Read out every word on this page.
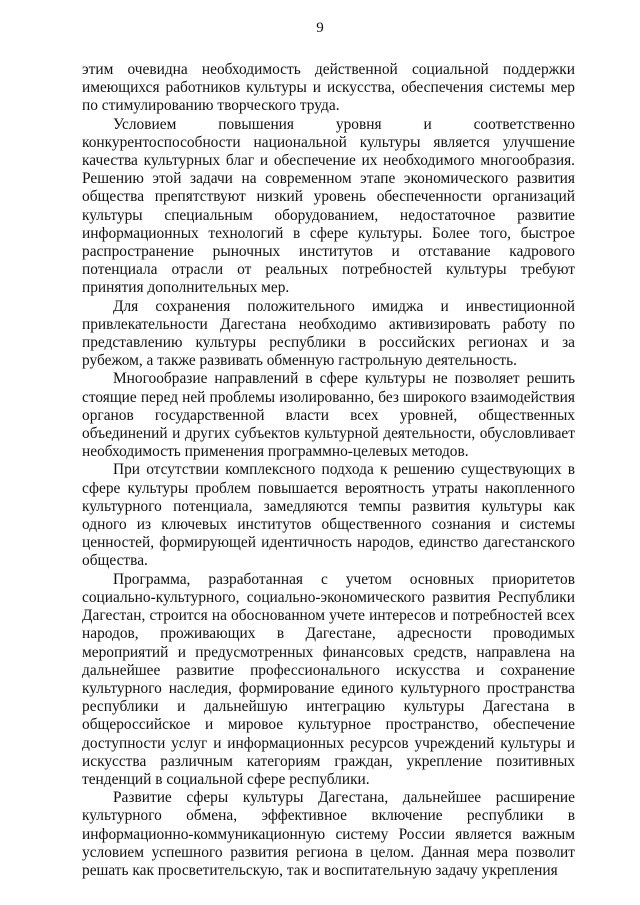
9

этим очевидна необходимость действенной социальной поддержки имеющихся работников культуры и искусства, обеспечения системы мер по стимулированию творческого труда.

Условием повышения уровня и соответственно конкурентоспособности национальной культуры является улучшение качества культурных благ и обеспечение их необходимого многообразия. Решению этой задачи на современном этапе экономического развития общества препятствуют низкий уровень обеспеченности организаций культуры специальным оборудованием, недостаточное развитие информационных технологий в сфере культуры. Более того, быстрое распространение рыночных институтов и отставание кадрового потенциала отрасли от реальных потребностей культуры требуют принятия дополнительных мер.

Для сохранения положительного имиджа и инвестиционной привлекательности Дагестана необходимо активизировать работу по представлению культуры республики в российских регионах и за рубежом, а также развивать обменную гастрольную деятельность.

Многообразие направлений в сфере культуры не позволяет решить стоящие перед ней проблемы изолированно, без широкого взаимодействия органов государственной власти всех уровней, общественных объединений и других субъектов культурной деятельности, обусловливает необходимость применения программно-целевых методов.

При отсутствии комплексного подхода к решению существующих в сфере культуры проблем повышается вероятность утраты накопленного культурного потенциала, замедляются темпы развития культуры как одного из ключевых институтов общественного сознания и системы ценностей, формирующей идентичность народов, единство дагестанского общества.

Программа, разработанная с учетом основных приоритетов социально-культурного, социально-экономического развития Республики Дагестан, строится на обоснованном учете интересов и потребностей всех народов, проживающих в Дагестане, адресности проводимых мероприятий и предусмотренных финансовых средств, направлена на дальнейшее развитие профессионального искусства и сохранение культурного наследия, формирование единого культурного пространства республики и дальнейшую интеграцию культуры Дагестана в общероссийское и мировое культурное пространство, обеспечение доступности услуг и информационных ресурсов учреждений культуры и искусства различным категориям граждан, укрепление позитивных тенденций в социальной сфере республики.

Развитие сферы культуры Дагестана, дальнейшее расширение культурного обмена, эффективное включение республики в информационно-коммуникационную систему России является важным условием успешного развития региона в целом. Данная мера позволит решать как просветительскую, так и воспитательную задачу укрепления
